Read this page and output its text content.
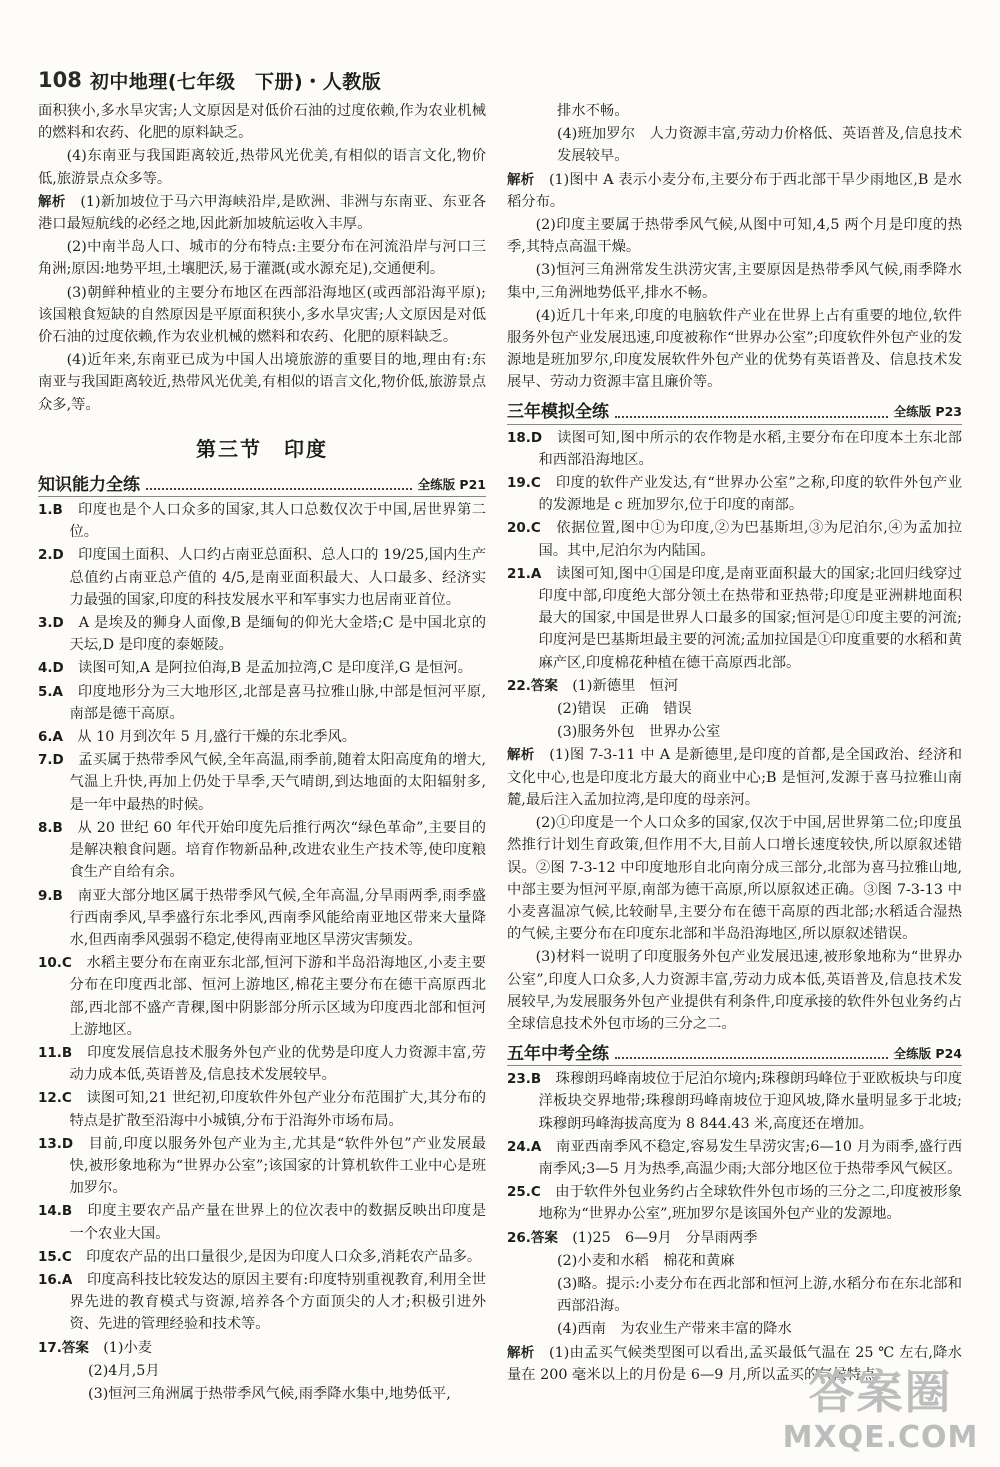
108 初中地理(七年级　下册)・人教版

面积狭小,多水旱灾害;人文原因是对低价石油的过度依赖,作为农业机械的燃料和农药、化肥的原料缺乏。

(4)东南亚与我国距离较近,热带风光优美,有相似的语言文化,物价低,旅游景点众多等。

解析　 (1)新加坡位于马六甲海峡沿岸,是欧洲、非洲与东南亚、东亚各港口最短航线的必经之地,因此新加坡航运收入丰厚。

(2)中南半岛人口、城市的分布特点:主要分布在河流沿岸与河口三角洲;原因:地势平坦,土壤肥沃,易于灌溉(或水源充足),交通便利。

(3)朝鲜种植业的主要分布地区在西部沿海地区(或西部沿海平原);该国粮食短缺的自然原因是平原面积狭小,多水旱灾害;人文原因是对低价石油的过度依赖,作为农业机械的燃料和农药、化肥的原料缺乏。

(4)近年来,东南亚已成为中国人出境旅游的重要目的地,理由有:东南亚与我国距离较近,热带风光优美,有相似的语言文化,物价低,旅游景点众多,等。

第三节　印度
知识能力全练	全练版 P21

1.B　 印度也是个人口众多的国家,其人口总数仅次于中国,居世界第二位。

2.D　 印度国土面积、人口约占南亚总面积、总人口的 19/25,国内生产总值约占南亚总产值的 4/5,是南亚面积最大、人口最多、经济实力最强的国家,印度的科技发展水平和军事实力也居南亚首位。

3.D　 A 是埃及的狮身人面像,B 是缅甸的仰光大金塔;C 是中国北京的天坛,D 是印度的泰姬陵。

4.D　 读图可知,A 是阿拉伯海,B 是孟加拉湾,C 是印度洋,G 是恒河。

5.A　 印度地形分为三大地形区,北部是喜马拉雅山脉,中部是恒河平原,南部是德干高原。

6.A　 从 10 月到次年 5 月,盛行干燥的东北季风。

7.D　 孟买属于热带季风气候,全年高温,雨季前,随着太阳高度角的增大,气温上升快,再加上仍处于旱季,天气晴朗,到达地面的太阳辐射多,是一年中最热的时候。

8.B　 从 20 世纪 60 年代开始印度先后推行两次“绿色革命”,主要目的是解决粮食问题。培育作物新品种,改进农业生产技术等,使印度粮食生产自给有余。

9.B　 南亚大部分地区属于热带季风气候,全年高温,分旱雨两季,雨季盛行西南季风,旱季盛行东北季风,西南季风能给南亚地区带来大量降水,但西南季风强弱不稳定,使得南亚地区旱涝灾害频发。

10.C　 水稻主要分布在南亚东北部,恒河下游和半岛沿海地区,小麦主要分布在印度西北部、恒河上游地区,棉花主要分布在德干高原西北部,西北部不盛产青稞,图中阴影部分所示区域为印度西北部和恒河上游地区。

11.B　 印度发展信息技术服务外包产业的优势是印度人力资源丰富,劳动力成本低,英语普及,信息技术发展较早。

12.C　 读图可知,21 世纪初,印度软件外包产业分布范围扩大,其分布的特点是扩散至沿海中小城镇,分布于沿海外市场布局。

13.D　 目前,印度以服务外包产业为主,尤其是“软件外包”产业发展最快,被形象地称为“世界办公室”;该国家的计算机软件工业中心是班加罗尔。

14.B　 印度主要农产品产量在世界上的位次表中的数据反映出印度是一个农业大国。

15.C　 印度农产品的出口量很少,是因为印度人口众多,消耗农产品多。

16.A　 印度高科技比较发达的原因主要有:印度特别重视教育,利用全世界先进的教育模式与资源,培养各个方面顶尖的人才;积极引进外资、先进的管理经验和技术等。

17.答案　 (1)小麦

(2)4月,5月

(3)恒河三角洲属于热带季风气候,雨季降水集中,地势低平,

排水不畅。

(4)班加罗尔　人力资源丰富,劳动力价格低、英语普及,信息技术发展较早。

解析　 (1)图中 A 表示小麦分布,主要分布于西北部干旱少雨地区,B 是水稻分布。

(2)印度主要属于热带季风气候,从图中可知,4,5 两个月是印度的热季,其特点高温干燥。

(3)恒河三角洲常发生洪涝灾害,主要原因是热带季风气候,雨季降水集中,三角洲地势低平,排水不畅。

(4)近几十年来,印度的电脑软件产业在世界上占有重要的地位,软件服务外包产业发展迅速,印度被称作“世界办公室”;印度软件外包产业的发源地是班加罗尔,印度发展软件外包产业的优势有英语普及、信息技术发展早、劳动力资源丰富且廉价等。

三年模拟全练	全练版 P23

18.D　 读图可知,图中所示的农作物是水稻,主要分布在印度本土东北部和西部沿海地区。

19.C　 印度的软件产业发达,有“世界办公室”之称,印度的软件外包产业的发源地是 c 班加罗尔,位于印度的南部。

20.C　 依据位置,图中①为印度,②为巴基斯坦,③为尼泊尔,④为孟加拉国。其中,尼泊尔为内陆国。

21.A　 读图可知,图中①国是印度,是南亚面积最大的国家;北回归线穿过印度中部,印度绝大部分领土在热带和亚热带;印度是亚洲耕地面积最大的国家,中国是世界人口最多的国家;恒河是①印度主要的河流;印度河是巴基斯坦最主要的河流;孟加拉国是①印度重要的水稻和黄麻产区,印度棉花种植在德干高原西北部。

22.答案　 (1)新德里　恒河

(2)错误　正确　错误

(3)服务外包　世界办公室

解析　 (1)图 7-3-11 中 A 是新德里,是印度的首都,是全国政治、经济和文化中心,也是印度北方最大的商业中心;B 是恒河,发源于喜马拉雅山南麓,最后注入孟加拉湾,是印度的母亲河。

(2)①印度是一个人口众多的国家,仅次于中国,居世界第二位;印度虽然推行计划生育政策,但作用不大,目前人口增长速度较快,所以原叙述错误。②图 7-3-12 中印度地形自北向南分成三部分,北部为喜马拉雅山地,中部主要为恒河平原,南部为德干高原,所以原叙述正确。③图 7-3-13 中小麦喜温凉气候,比较耐旱,主要分布在德干高原的西北部;水稻适合湿热的气候,主要分布在印度东北部和半岛沿海地区,所以原叙述错误。

(3)材料一说明了印度服务外包产业发展迅速,被形象地称为“世界办公室”,印度人口众多,人力资源丰富,劳动力成本低,英语普及,信息技术发展较早,为发展服务外包产业提供有利条件,印度承接的软件外包业务约占全球信息技术外包市场的三分之二。

五年中考全练	全练版 P24

23.B　 珠穆朗玛峰南坡位于尼泊尔境内;珠穆朗玛峰位于亚欧板块与印度洋板块交界地带;珠穆朗玛峰南坡位于迎风坡,降水量明显多于北坡;珠穆朗玛峰海拔高度为 8 844.43 米,高度还在增加。

24.A　 南亚西南季风不稳定,容易发生旱涝灾害;6—10 月为雨季,盛行西南季风;3—5 月为热季,高温少雨;大部分地区位于热带季风气候区。

25.C　 由于软件外包业务约占全球软件外包市场的三分之二,印度被形象地称为“世界办公室”,班加罗尔是该国外包产业的发源地。

26.答案　 (1)25　6—9月　分旱雨两季

(2)小麦和水稻　棉花和黄麻

(3)略。提示:小麦分布在西北部和恒河上游,水稻分布在东北部和西部沿海。

(4)西南　为农业生产带来丰富的降水

解析　 (1)由孟买气候类型图可以看出,孟买最低气温在 25 ℃ 左右,降水量在 200 毫米以上的月份是 6—9 月,所以孟买的气候特点

答案圈
MXQE.COM
